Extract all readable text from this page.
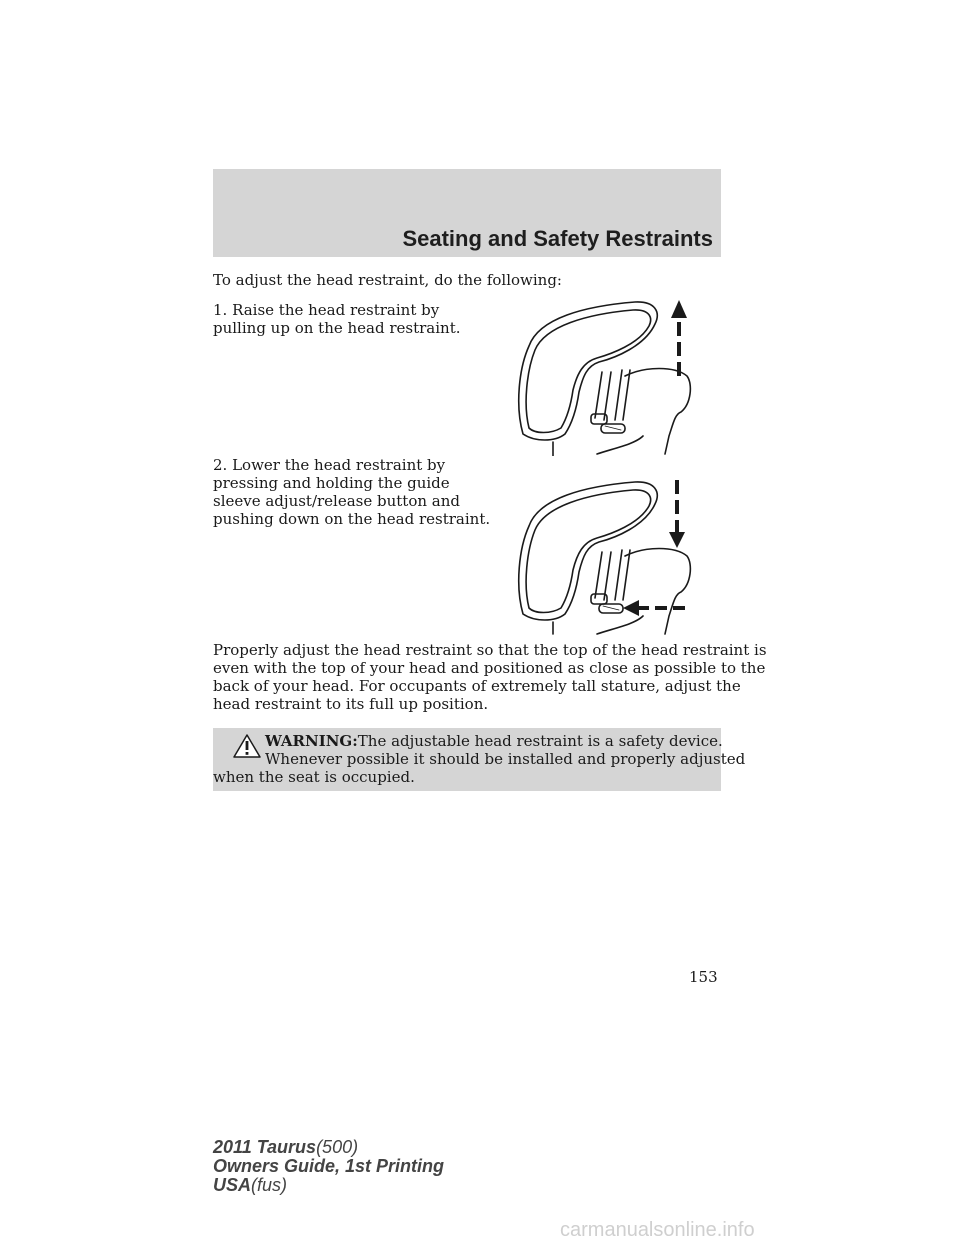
Seating and Safety Restraints
To adjust the head restraint, do the following:
1. Raise the head restraint by
pulling up on the head restraint.
2. Lower the head restraint by
pressing and holding the guide
sleeve adjust/release button and
pushing down on the head restraint.
Properly adjust the head restraint so that the top of the head restraint is
even with the top of your head and positioned as close as possible to the
back of your head. For occupants of extremely tall stature, adjust the
head restraint to its full up position.
WARNING:The adjustable head restraint is a safety device.
Whenever possible it should be installed and properly adjusted
when the seat is occupied.
153
2011 Taurus(500)
Owners Guide, 1st Printing
USA(fus)
carmanualsonline.info
